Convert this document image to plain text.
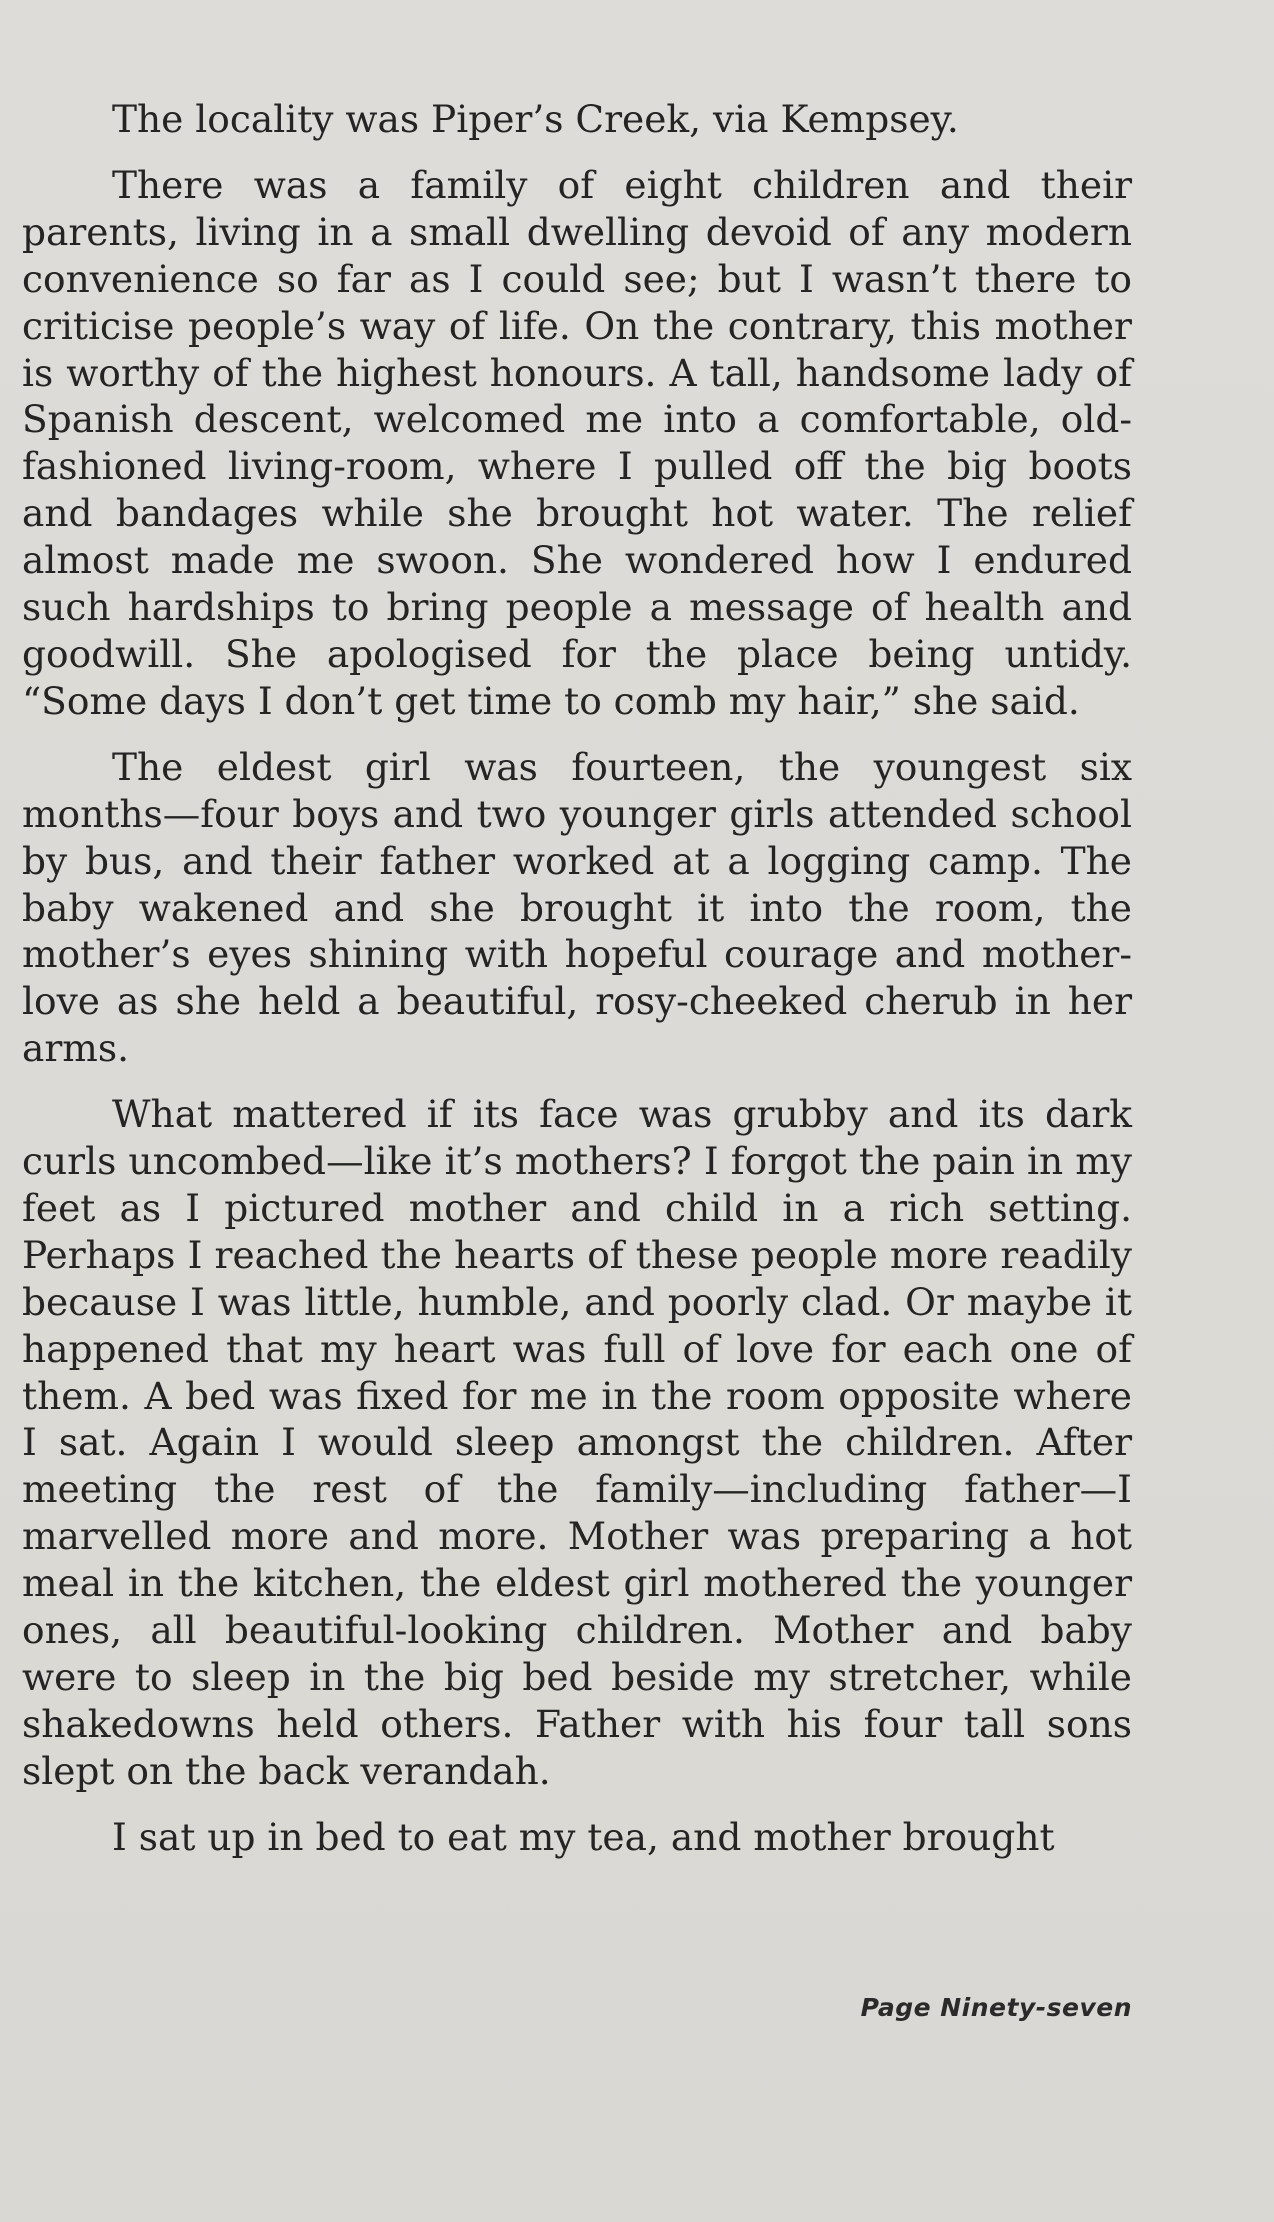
The locality was Piper’s Creek, via Kempsey.

There was a family of eight children and their parents, living in a small dwelling devoid of any modern convenience so far as I could see; but I wasn’t there to criticise people’s way of life. On the contrary, this mother is worthy of the highest honours. A tall, handsome lady of Spanish descent, welcomed me into a comfortable, old-fashioned living-room, where I pulled off the big boots and bandages while she brought hot water. The relief almost made me swoon. She wondered how I endured such hardships to bring people a message of health and goodwill. She apologised for the place being untidy. “Some days I don’t get time to comb my hair,” she said.

The eldest girl was fourteen, the youngest six months—four boys and two younger girls attended school by bus, and their father worked at a logging camp. The baby wakened and she brought it into the room, the mother’s eyes shining with hopeful courage and mother-love as she held a beautiful, rosy-cheeked cherub in her arms.

What mattered if its face was grubby and its dark curls uncombed—like it’s mothers? I forgot the pain in my feet as I pictured mother and child in a rich setting. Perhaps I reached the hearts of these people more readily because I was little, humble, and poorly clad. Or maybe it happened that my heart was full of love for each one of them. A bed was fixed for me in the room opposite where I sat. Again I would sleep amongst the children. After meeting the rest of the family—including father—I marvelled more and more. Mother was preparing a hot meal in the kitchen, the eldest girl mothered the younger ones, all beautiful-looking children. Mother and baby were to sleep in the big bed beside my stretcher, while shakedowns held others. Father with his four tall sons slept on the back verandah.

I sat up in bed to eat my tea, and mother brought

Page Ninety-seven
